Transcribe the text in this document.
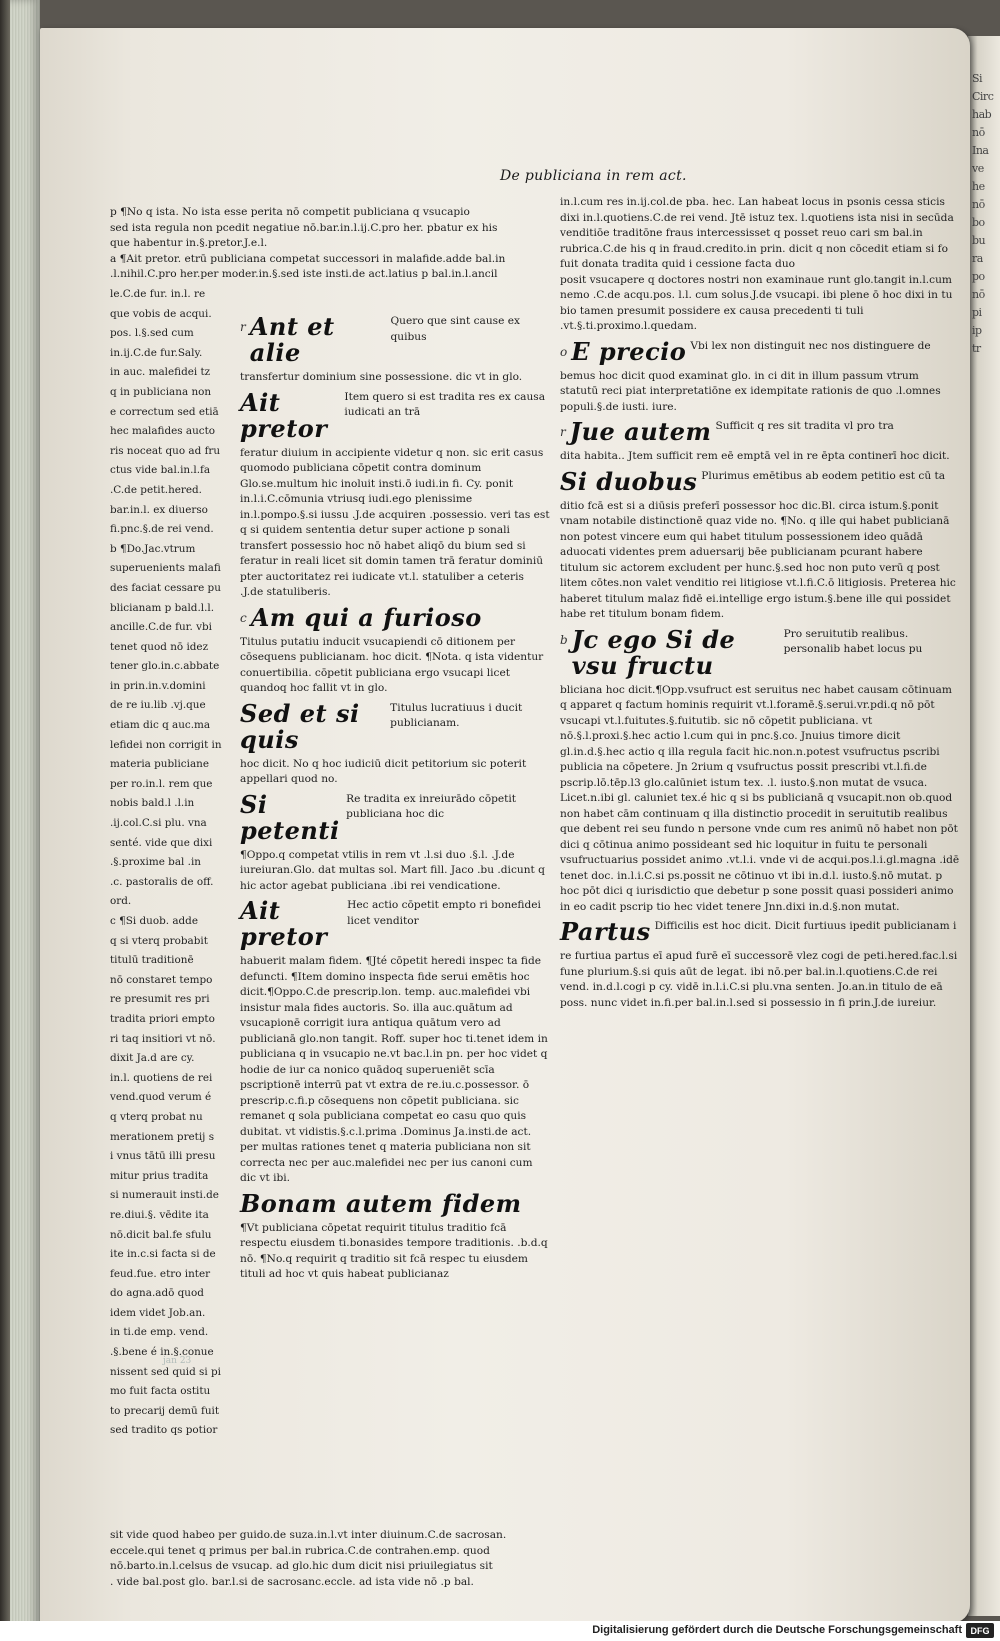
Si
Circ
hab
nō
Ina
ve
he
nō
bo
bu
ra
po
nō
pi
ip
tr

De publiciana in rem act.

p ¶No q ista. No ista esse perita nō competit publiciana q vsucapio

sed ista regula non pcedit negatiue nō.bar.in.l.ij.C.pro her. pbatur ex his

que habentur in.§.pretor.J.e.l.

a ¶Ait pretor. etrū publiciana competat successori in malafide.adde bal.in

.l.nihil.C.pro her.per moder.in.§.sed iste insti.de act.latius p bal.in.l.ancil

le.C.de fur. in.l. re
que vobis de acqui.
pos. l.§.sed cum
in.ij.C.de fur.Saly.
in auc. malefidei tz
q in publiciana non
e correctum sed etiā
hec malafides aucto
ris noceat quo ad fru
ctus vide bal.in.l.fa
.C.de petit.hered.
bar.in.l. ex diuerso
fi.pnc.§.de rei vend.
b ¶Do.Jac.vtrum
superuenients malafi
des faciat cessare pu
blicianam p bald.l.l.
ancille.C.de fur. vbi
tenet quod nō idez
tener glo.in.c.abbate
in prin.in.v.domini
de re iu.lib .vj.que
etiam dic q auc.ma
lefidei non corrigit in
materia publiciane
per ro.in.l. rem que
nobis bald.l .l.in
.ij.col.C.si plu. vna
senté. vide que dixi
.§.proxime bal .in
.c. pastoralis de off.
ord.
c ¶Si duob. adde
q si vterq probabit
titulū traditionē
nō constaret tempo
re presumit res pri
tradita priori empto
ri taq insitiori vt nō.
dixit Ja.d are cy.
in.l. quotiens de rei
vend.quod verum é
q vterq probat nu
merationem pretij s
i vnus tātū illi presu
mitur prius tradita
si numerauit insti.de
re.diui.§. vēdite ita
nō.dicit bal.fe sfulu
ite in.c.si facta si de
feud.fue. etro inter
do agna.adō quod
idem videt Job.an.
in ti.de emp. vend.
.§.bene é in.§.conue
nissent sed quid si pi
mo fuit facta ostitu
to precarij demū fuit
sed tradito qs potior
r Ant et alie
Quero que sint cause ex quibus

transfertur dominium sine possessione. dic vt in glo.

Ait pretor
Item quero si est tradita res ex causa iudicati an trā

feratur diuium in accipiente videtur q non. sic erit casus quomodo publiciana cōpetit contra dominum Glo.se.multum hic inoluit insti.ō iudi.in fi. Cy. ponit in.l.i.C.cōmunia vtriusq iudi.ego plenissime in.l.pompo.§.si iussu .J.de acquiren .possessio. veri tas est q si quidem sententia detur super actione p sonali transfert possessio hoc nō habet aliqō du bium sed si feratur in reali licet sit domin tamen trā feratur dominiū pter auctoritatez rei iudicate vt.l. statuliber a ceteris .J.de statuliberis.

c Am qui a furioso

Titulus putatiu inducit vsucapiendi cō ditionem per cōsequens publicianam. hoc dicit. ¶Nota. q ista videntur conuertibilia. cōpetit publiciana ergo vsucapi licet quandoq hoc fallit vt in glo.

Sed et si quis
Titulus lucratiuus i ducit publicianam.

hoc dicit. No q hoc iudiciū dicit petitorium sic poterit appellari quod no.

Si petenti
Re tradita ex inreiurādo cōpetit publiciana hoc dic

¶Oppo.q competat vtilis in rem vt .l.si duo .§.l. .J.de iureiuran.Glo. dat multas sol. Mart fill. Jaco .bu .dicunt q hic actor agebat publiciana .ibi rei vendicatione.

Ait pretor
Hec actio cōpetit empto ri bonefidei licet venditor

habuerit malam fidem. ¶Jté cōpetit heredi inspec ta fide defuncti. ¶Item domino inspecta fide serui emētis hoc dicit.¶Oppo.C.de prescrip.lon. temp. auc.malefidei vbi insistur mala fides auctoris. So. illa auc.quātum ad vsucapionē corrigit iura antiqua quātum vero ad publicianā glo.non tangit. Roff. super hoc ti.tenet idem in publiciana q in vsucapio ne.vt bac.l.in pn. per hoc videt q hodie de iur ca nonico quādoq superueniēt scīa pscriptionē interrū pat vt extra de re.iu.c.possessor. ō prescrip.c.fi.p cōsequens non cōpetit publiciana. sic remanet q sola publiciana competat eo casu quo quis dubitat. vt vidistis.§.c.l.prima .Dominus Ja.insti.de act. per multas rationes tenet q materia publiciana non sit correcta nec per auc.malefidei nec per ius canoni cum dic vt ibi.

Bonam autem fidem

¶Vt publiciana cōpetat requirit titulus traditio fcā respectu eiusdem ti.bonasides tempore traditionis. .b.d.q nō. ¶No.q requirit q traditio sit fcā respec tu eiusdem tituli ad hoc vt quis habeat publicianaz

sit vide quod habeo per guido.de suza.in.l.vt inter diuinum.C.de sacrosan.

eccele.qui tenet q primus per bal.in rubrica.C.de contrahen.emp. quod

nō.barto.in.l.celsus de vsucap. ad glo.hic dum dicit nisi priuilegiatus sit

. vide bal.post glo. bar.l.si de sacrosanc.eccle. ad ista vide nō .p bal.

in.l.cum res in.ij.col.de pba. hec. Lan habeat locus in psonis cessa sticis dixi in.l.quotiens.C.de rei vend. Jtē istuz tex. l.quotiens ista nisi in secūda venditiōe traditōne fraus intercessisset q posset reuo cari sm bal.in rubrica.C.de his q in fraud.credito.in prin. dicit q non cōcedit etiam si fo fuit donata tradita quid i cessione facta duo

posit vsucapere q doctores nostri non examinaue runt glo.tangit in.l.cum nemo .C.de acqu.pos. l.l. cum solus.J.de vsucapi. ibi plene ō hoc dixi in tu bio tamen presumit possidere ex causa precedenti ti tuli .vt.§.ti.proximo.l.quedam.

o E precio Vbi lex non distinguit nec nos distinguere de

bemus hoc dicit quod examinat glo. in ci dit in illum passum vtrum statutū reci piat interpretatiōne ex idempitate rationis de quo .l.omnes populi.§.de iusti. iure.

r Jue autem Sufficit q res sit tradita vl pro tra

dita habita.. Jtem sufficit rem eē emptā vel in re ēpta continerī hoc dicit.

Si duobus Plurimus emētibus ab eodem petitio est cū ta

ditio fcā est si a diūsis preferī possessor hoc dic.Bl. circa istum.§.ponit vnam notabile distinctionē quaz vide no. ¶No. q ille qui habet publicianā non potest vincere eum qui habet titulum possessionem ideo quādā aduocati videntes prem aduersarij bēe publicianam pcurant habere titulum sic actorem excludent per hunc.§.sed hoc non puto verū q post litem cōtes.non valet venditio rei litigiose vt.l.fi.C.ō litigiosis. Preterea hic haberet titulum malaz fidē ei.intellige ergo istum.§.bene ille qui possidet habe ret titulum bonam fidem.

b Jc ego Si de vsu fructu
Pro seruitutib realibus. personalib habet locus pu

bliciana hoc dicit.¶Opp.vsufruct est seruitus nec habet causam cōtinuam q apparet q factum hominis requirit vt.l.foramē.§.serui.vr.pdi.q nō pōt vsucapi vt.l.fuitutes.§.fuitutib. sic nō cōpetit publiciana. vt nō.§.l.proxi.§.hec actio l.cum qui in pnc.§.co. Jnuius timore dicit gl.in.d.§.hec actio q illa regula facit hic.non.n.potest vsufructus pscribi publicia na cōpetere. Jn 2rium q vsufructus possit prescribi vt.l.fi.de pscrip.lō.tēp.l3 glo.calūniet istum tex. .l. iusto.§.non mutat de vsuca. Licet.n.ibi gl. caluniet tex.é hic q si bs publicianā q vsucapit.non ob.quod non habet cām continuam q illa distinctio procedit in seruitutib realibus que debent rei seu fundo n persone vnde cum res animū nō habet non pōt dici q cōtinua animo possideant sed hic loquitur in fuitu te personali vsufructuarius possidet animo .vt.l.i. vnde vi de acqui.pos.l.i.gl.magna .idē tenet doc. in.l.i.C.si ps.possit ne cōtinuo vt ibi in.d.l. iusto.§.nō mutat. p hoc pōt dici q iurisdictio que debetur p sone possit quasi possideri animo in eo cadit pscrip tio hec videt tenere Jnn.dixi in.d.§.non mutat.

Partus Difficilis est hoc dicit. Dicit furtiuus ipedit publicianam i

re furtiua partus eī apud furē eī successorē vlez cogi de peti.hered.fac.l.si fune plurium.§.si quis aūt de legat. ibi nō.per bal.in.l.quotiens.C.de rei vend. in.d.l.cogi p cy. vidē in.l.i.C.si plu.vna senten. Jo.an.in titulo de eā poss. nunc videt in.fi.per bal.in.l.sed si possessio in fi prin.J.de iureiur.

jan 23
Digitalisierung gefördert durch die Deutsche Forschungsgemeinschaft DFG
